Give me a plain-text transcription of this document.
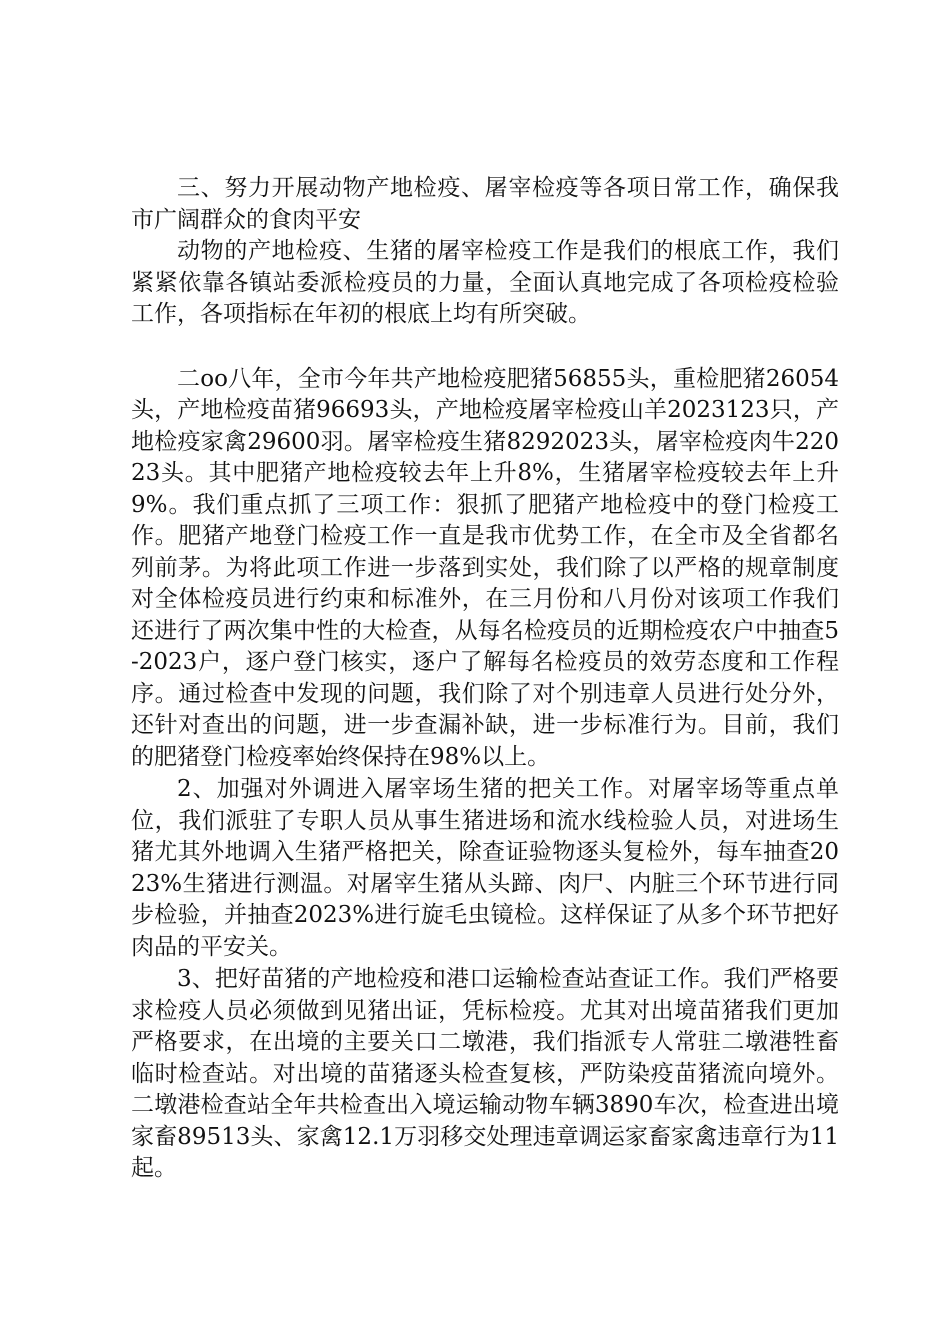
三、努力开展动物产地检疫、屠宰检疫等各项日常工作，确保我市广阔群众的食肉平安

动物的产地检疫、生猪的屠宰检疫工作是我们的根底工作，我们紧紧依靠各镇站委派检疫员的力量，全面认真地完成了各项检疫检验工作，各项指标在年初的根底上均有所突破。

二oo八年，全市今年共产地检疫肥猪56855头，重检肥猪26054头，产地检疫苗猪96693头，产地检疫屠宰检疫山羊2023123只，产地检疫家禽29600羽。屠宰检疫生猪8292023头，屠宰检疫肉牛22023头。其中肥猪产地检疫较去年上升8%，生猪屠宰检疫较去年上升9%。我们重点抓了三项工作：狠抓了肥猪产地检疫中的登门检疫工作。肥猪产地登门检疫工作一直是我市优势工作，在全市及全省都名列前茅。为将此项工作进一步落到实处，我们除了以严格的规章制度对全体检疫员进行约束和标准外，在三月份和八月份对该项工作我们还进行了两次集中性的大检查，从每名检疫员的近期检疫农户中抽查5-2023户，逐户登门核实，逐户了解每名检疫员的效劳态度和工作程序。通过检查中发现的问题，我们除了对个别违章人员进行处分外，还针对查出的问题，进一步查漏补缺，进一步标准行为。目前，我们的肥猪登门检疫率始终保持在98%以上。

2、加强对外调进入屠宰场生猪的把关工作。对屠宰场等重点单位，我们派驻了专职人员从事生猪进场和流水线检验人员，对进场生猪尤其外地调入生猪严格把关，除查证验物逐头复检外，每车抽查2023%生猪进行测温。对屠宰生猪从头蹄、肉尸、内脏三个环节进行同步检验，并抽查2023%进行旋毛虫镜检。这样保证了从多个环节把好肉品的平安关。

3、把好苗猪的产地检疫和港口运输检查站查证工作。我们严格要求检疫人员必须做到见猪出证，凭标检疫。尤其对出境苗猪我们更加严格要求，在出境的主要关口二墩港，我们指派专人常驻二墩港牲畜临时检查站。对出境的苗猪逐头检查复核，严防染疫苗猪流向境外。二墩港检查站全年共检查出入境运输动物车辆3890车次，检查进出境家畜89513头、家禽12.1万羽移交处理违章调运家畜家禽违章行为11起。
